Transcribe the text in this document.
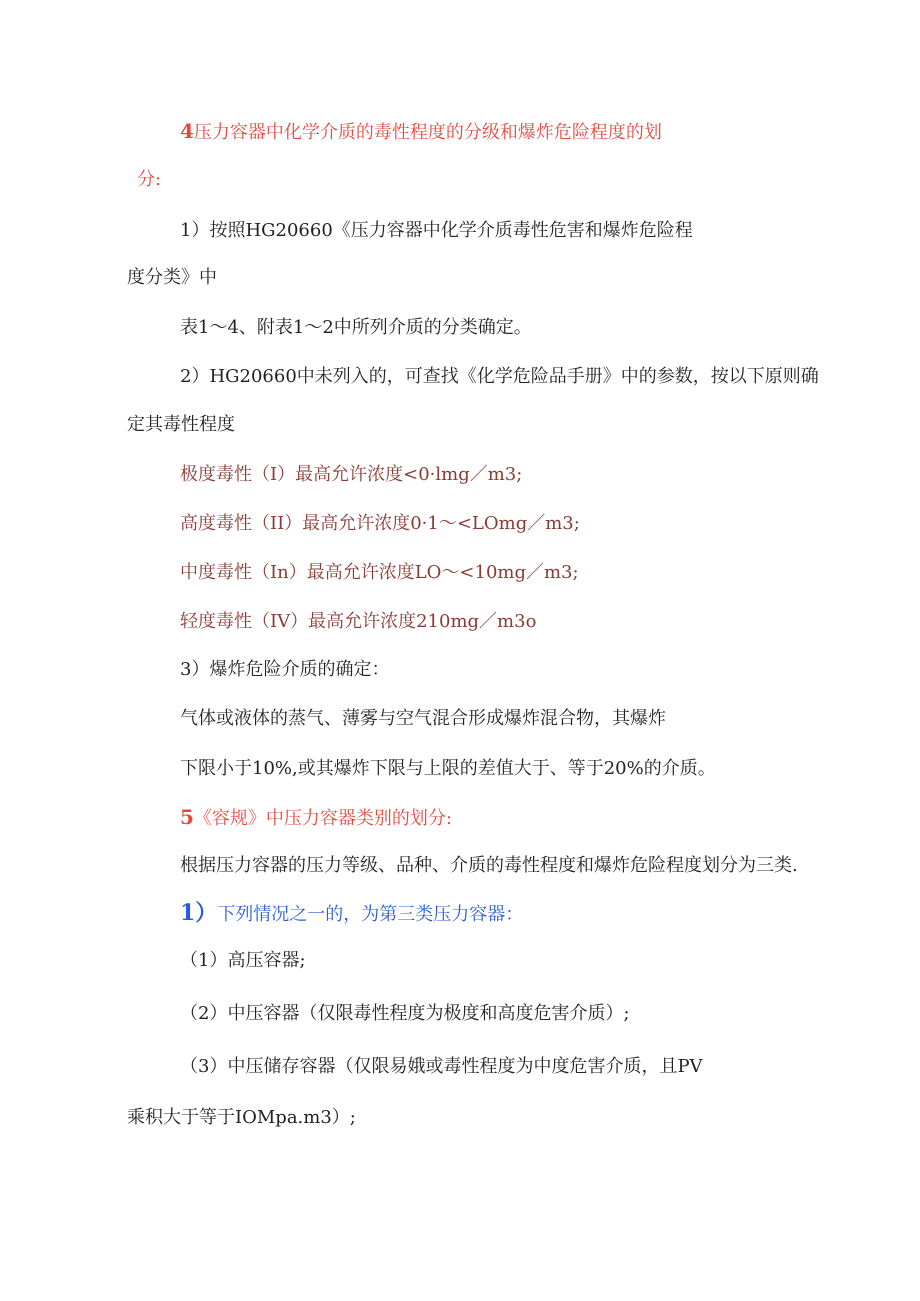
4压力容器中化学介质的毒性程度的分级和爆炸危险程度的划
分:
1）按照HG20660《压力容器中化学介质毒性危害和爆炸危险程
度分类》中
表1～4、附表1～2中所列介质的分类确定。
2）HG20660中未列入的，可查找《化学危险品手册》中的参数，按以下原则确
定其毒性程度
极度毒性（I）最高允许浓度<0·lmg／m3;
高度毒性（II）最高允许浓度0·1～<LOmg／m3;
中度毒性（In）最高允许浓度LO～<10mg／m3;
轻度毒性（IV）最高允许浓度210mg／m3o
3）爆炸危险介质的确定：
气体或液体的蒸气、薄雾与空气混合形成爆炸混合物，其爆炸
下限小于10%,或其爆炸下限与上限的差值大于、等于20%的介质。
5《容规》中压力容器类别的划分:
根据压力容器的压力等级、品种、介质的毒性程度和爆炸危险程度划分为三类.
1）下列情况之一的，为第三类压力容器：
（1）高压容器;
（2）中压容器（仅限毒性程度为极度和高度危害介质）;
（3）中压储存容器（仅限易娥或毒性程度为中度危害介质，且PV
乘积大于等于IOMpa.m3）;
